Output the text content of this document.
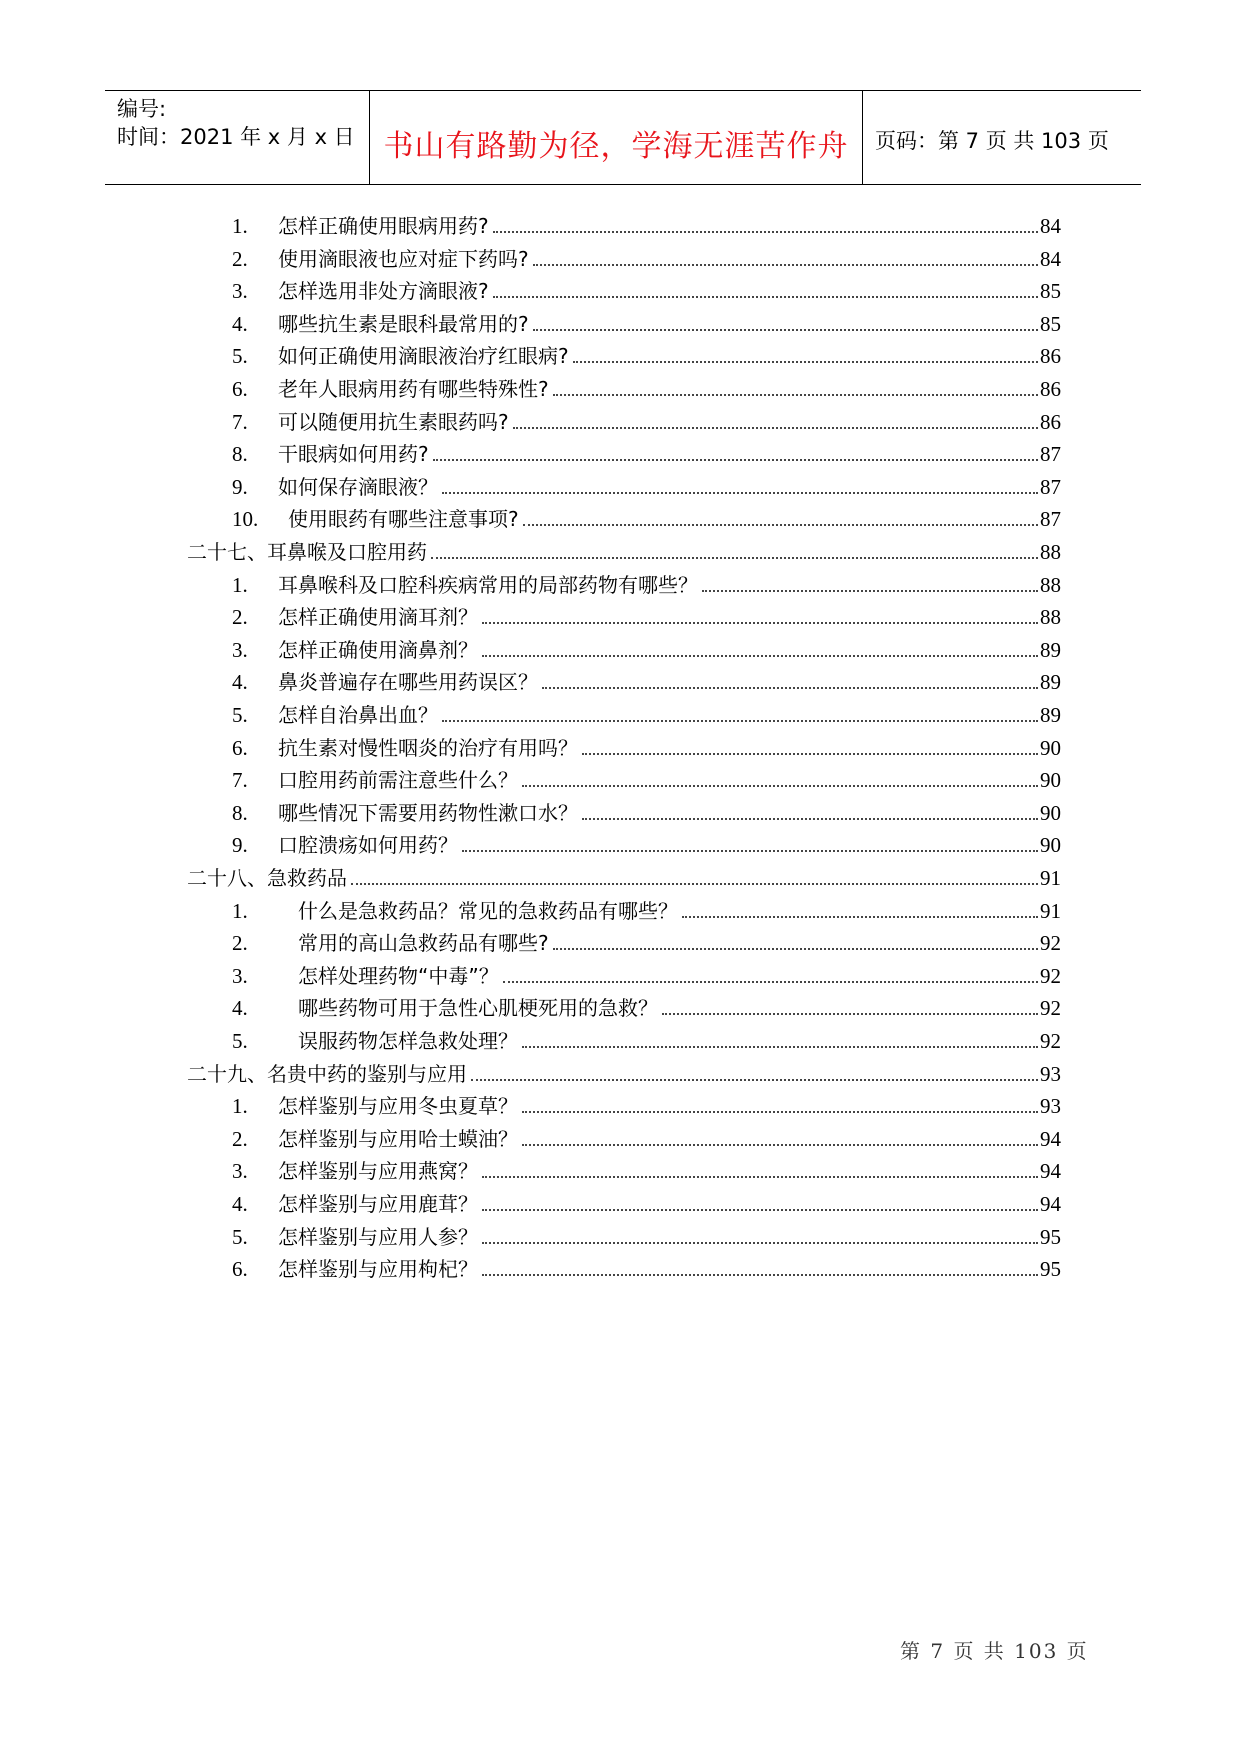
编号:
时间：2021 年 x 月 x 日 书山有路勤为径，学海无涯苦作舟	页码：第 7 页 共 103 页
1.	怎样正确使用眼病用药?	84
2.	使用滴眼液也应对症下药吗?	84
3.	怎样选用非处方滴眼液?	85
4.	哪些抗生素是眼科最常用的?	85
5.	如何正确使用滴眼液治疗红眼病?	86
6.	老年人眼病用药有哪些特殊性?	86
7.	可以随便用抗生素眼药吗?	86
8.	干眼病如何用药?	87
9.	如何保存滴眼液？	87
10.	使用眼药有哪些注意事项?	87
二十七、耳鼻喉及口腔用药	88
1.	耳鼻喉科及口腔科疾病常用的局部药物有哪些？	88
2.	怎样正确使用滴耳剂？	88
3.	怎样正确使用滴鼻剂？	89
4.	鼻炎普遍存在哪些用药误区？	89
5.	怎样自治鼻出血？	89
6.	抗生素对慢性咽炎的治疗有用吗？	90
7.	口腔用药前需注意些什么？	90
8.	哪些情况下需要用药物性漱口水？	90
9.	口腔溃疡如何用药？	90
二十八、急救药品	91
1.	什么是急救药品？常见的急救药品有哪些？	91
2.	常用的高山急救药品有哪些?	92
3.	怎样处理药物“中毒”？	92
4.	哪些药物可用于急性心肌梗死用的急救？	92
5.	误服药物怎样急救处理？	92
二十九、名贵中药的鉴别与应用	93
1.	怎样鉴别与应用冬虫夏草？	93
2.	怎样鉴别与应用哈士蟆油？	94
3.	怎样鉴别与应用燕窝？	94
4.	怎样鉴别与应用鹿茸？	94
5.	怎样鉴别与应用人参？	95
6.	怎样鉴别与应用枸杞？	95
第 7 页 共 103 页
